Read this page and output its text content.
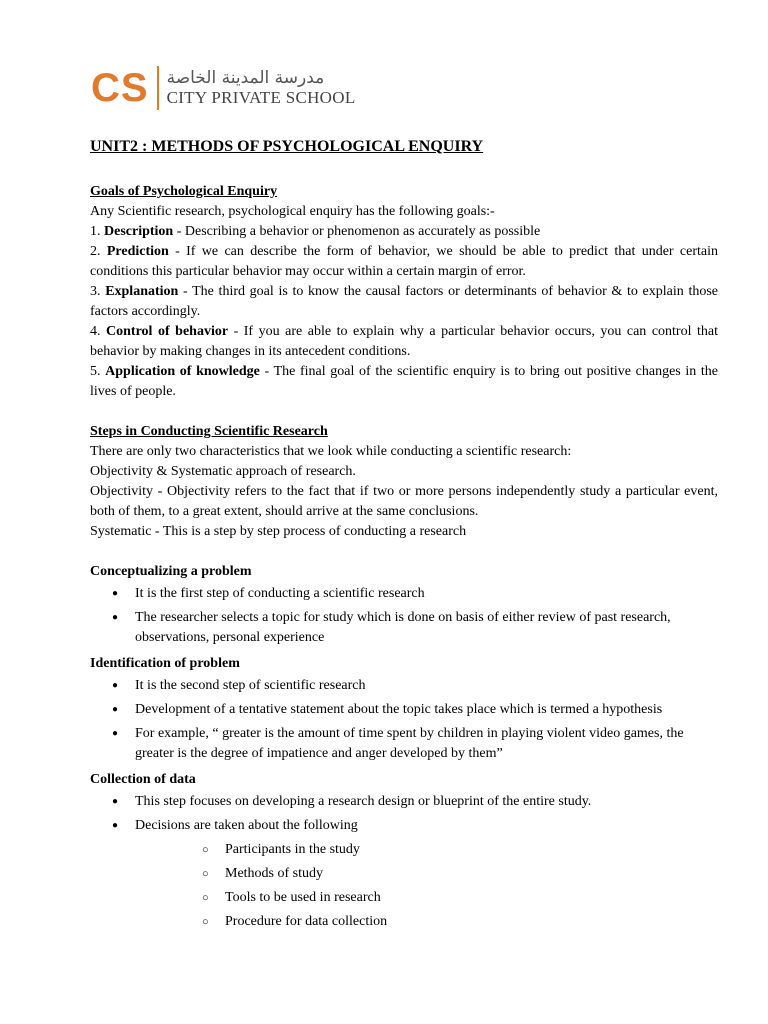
CS مدرسة المدينة الخاصة
CITY PRIVATE SCHOOL
UNIT2 : METHODS OF PSYCHOLOGICAL ENQUIRY
Goals of Psychological Enquiry

Any Scientific research, psychological enquiry has the following goals:-

1. Description - Describing a behavior or phenomenon as accurately as possible

2. Prediction - If we can describe the form of behavior, we should be able to predict that under certain conditions this particular behavior may occur within a certain margin of error.

3. Explanation - The third goal is to know the causal factors or determinants of behavior & to explain those factors accordingly.

4. Control of behavior - If you are able to explain why a particular behavior occurs, you can control that behavior by making changes in its antecedent conditions.

5. Application of knowledge - The final goal of the scientific enquiry is to bring out positive changes in the lives of people.

Steps in Conducting Scientific Research

There are only two characteristics that we look while conducting a scientific research:

Objectivity & Systematic approach of research.

Objectivity - Objectivity refers to the fact that if two or more persons independently study a particular event, both of them, to a great extent, should arrive at the same conclusions.

Systematic - This is a step by step process of conducting a research

Conceptualizing a problem
● It is the first step of conducting a scientific research
● The researcher selects a topic for study which is done on basis of either review of past research, observations, personal experience
Identification of problem
● It is the second step of scientific research
● Development of a tentative statement about the topic takes place which is termed a hypothesis
● For example, “ greater is the amount of time spent by children in playing violent video games, the greater is the degree of impatience and anger developed by them”
Collection of data
● This step focuses on developing a research design or blueprint of the entire study.
● Decisions are taken about the following
○ Participants in the study
○ Methods of study
○ Tools to be used in research
○ Procedure for data collection
